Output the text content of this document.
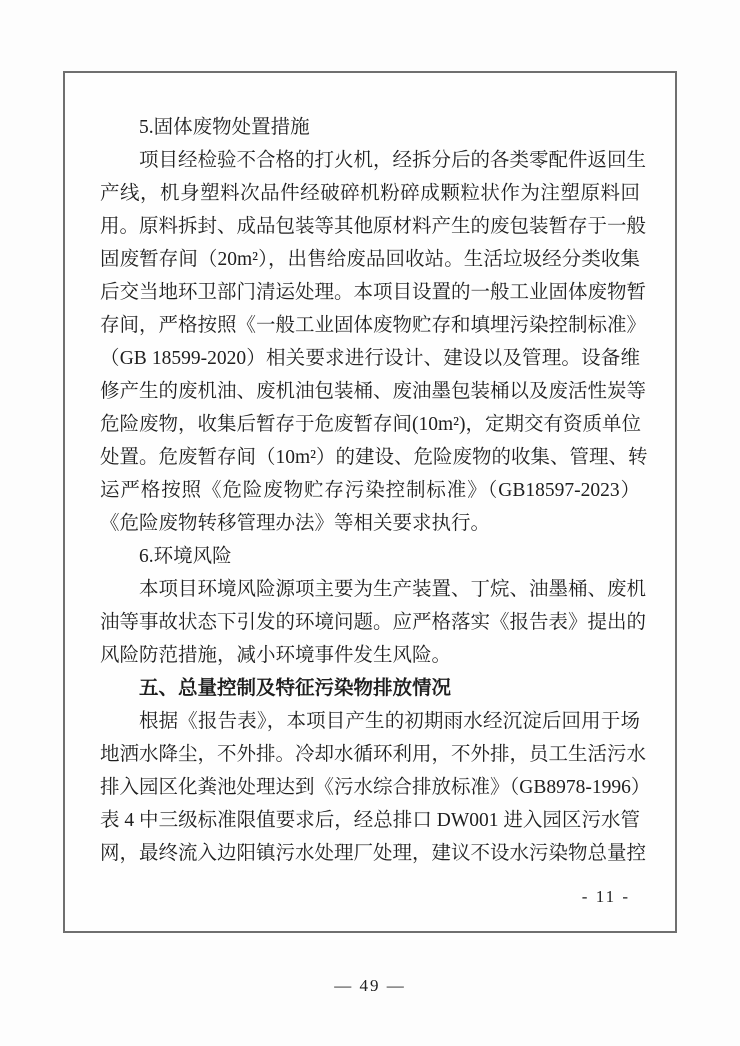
5.固体废物处置措施
项目经检验不合格的打火机，经拆分后的各类零配件返回生
产线，机身塑料次品件经破碎机粉碎成颗粒状作为注塑原料回
用。原料拆封、成品包装等其他原材料产生的废包装暂存于一般
固废暂存间（20m²），出售给废品回收站。生活垃圾经分类收集
后交当地环卫部门清运处理。本项目设置的一般工业固体废物暂
存间，严格按照《一般工业固体废物贮存和填埋污染控制标准》
（GB 18599-2020）相关要求进行设计、建设以及管理。设备维
修产生的废机油、废机油包装桶、废油墨包装桶以及废活性炭等
危险废物，收集后暂存于危废暂存间(10m²)，定期交有资质单位
处置。危废暂存间（10m²）的建设、危险废物的收集、管理、转
运严格按照《危险废物贮存污染控制标准》（GB18597-2023）
《危险废物转移管理办法》等相关要求执行。
6.环境风险
本项目环境风险源项主要为生产装置、丁烷、油墨桶、废机
油等事故状态下引发的环境问题。应严格落实《报告表》提出的
风险防范措施，减小环境事件发生风险。
五、总量控制及特征污染物排放情况
根据《报告表》，本项目产生的初期雨水经沉淀后回用于场
地洒水降尘，不外排。冷却水循环利用，不外排，员工生活污水
排入园区化粪池处理达到《污水综合排放标准》（GB8978-1996）
表 4 中三级标准限值要求后，经总排口 DW001 进入园区污水管
网，最终流入边阳镇污水处理厂处理，建议不设水污染物总量控
- 11 -
— 49 —
